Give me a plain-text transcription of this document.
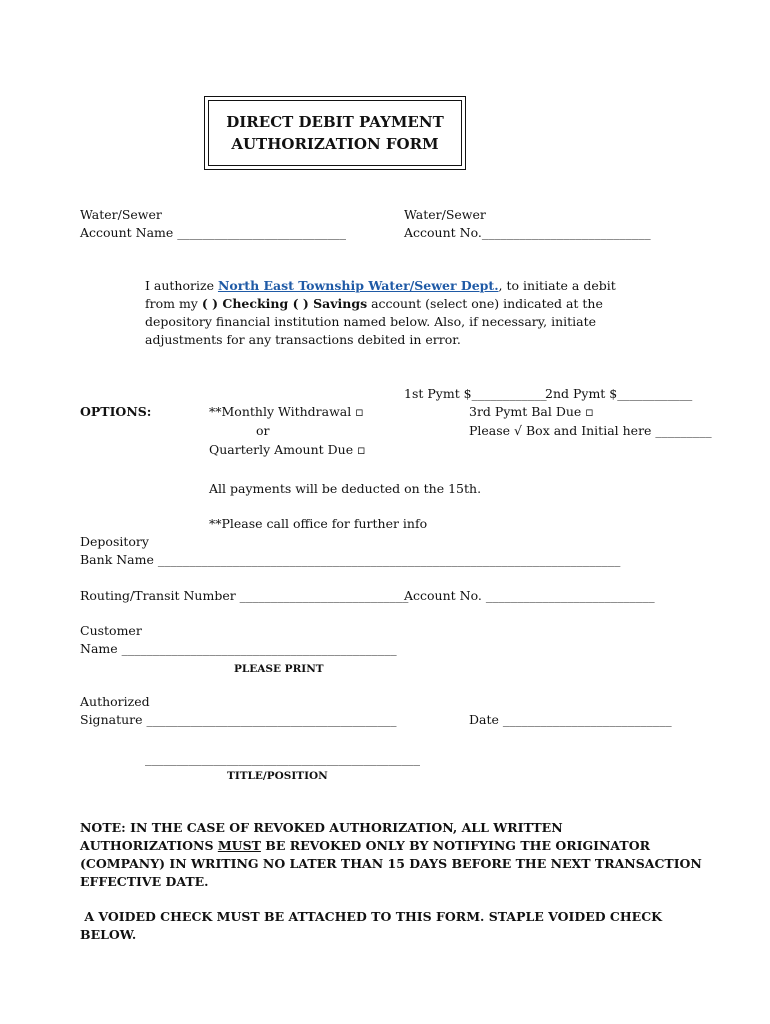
DIRECT DEBIT PAYMENT
AUTHORIZATION FORM
Water/Sewer
Account Name ___________________________
Water/Sewer
Account No.___________________________
I authorize North East Township Water/Sewer Dept., to initiate a debit
from my ( ) Checking ( ) Savings account (select one) indicated at the
depository financial institution named below. Also, if necessary, initiate
adjustments for any transactions debited in error.
1st Pymt $____________
2nd Pymt $____________
OPTIONS:	**Monthly Withdrawal ▫	3rd Pymt Bal Due ▫
or	Please √ Box and Initial here _________
Quarterly Amount Due ▫
All payments will be deducted on the 15th.
**Please call office for further info
Depository
Bank Name __________________________________________________________________________
Routing/Transit Number ___________________________
Account No. ___________________________
Customer
Name ____________________________________________
PLEASE PRINT
Authorized
Signature ________________________________________	Date ___________________________
____________________________________________
TITLE/POSITION
NOTE: IN THE CASE OF REVOKED AUTHORIZATION, ALL WRITTEN
AUTHORIZATIONS MUST BE REVOKED ONLY BY NOTIFYING THE ORIGINATOR
(COMPANY) IN WRITING NO LATER THAN 15 DAYS BEFORE THE NEXT TRANSACTION
EFFECTIVE DATE.
A VOIDED CHECK MUST BE ATTACHED TO THIS FORM. STAPLE VOIDED CHECK
BELOW.
